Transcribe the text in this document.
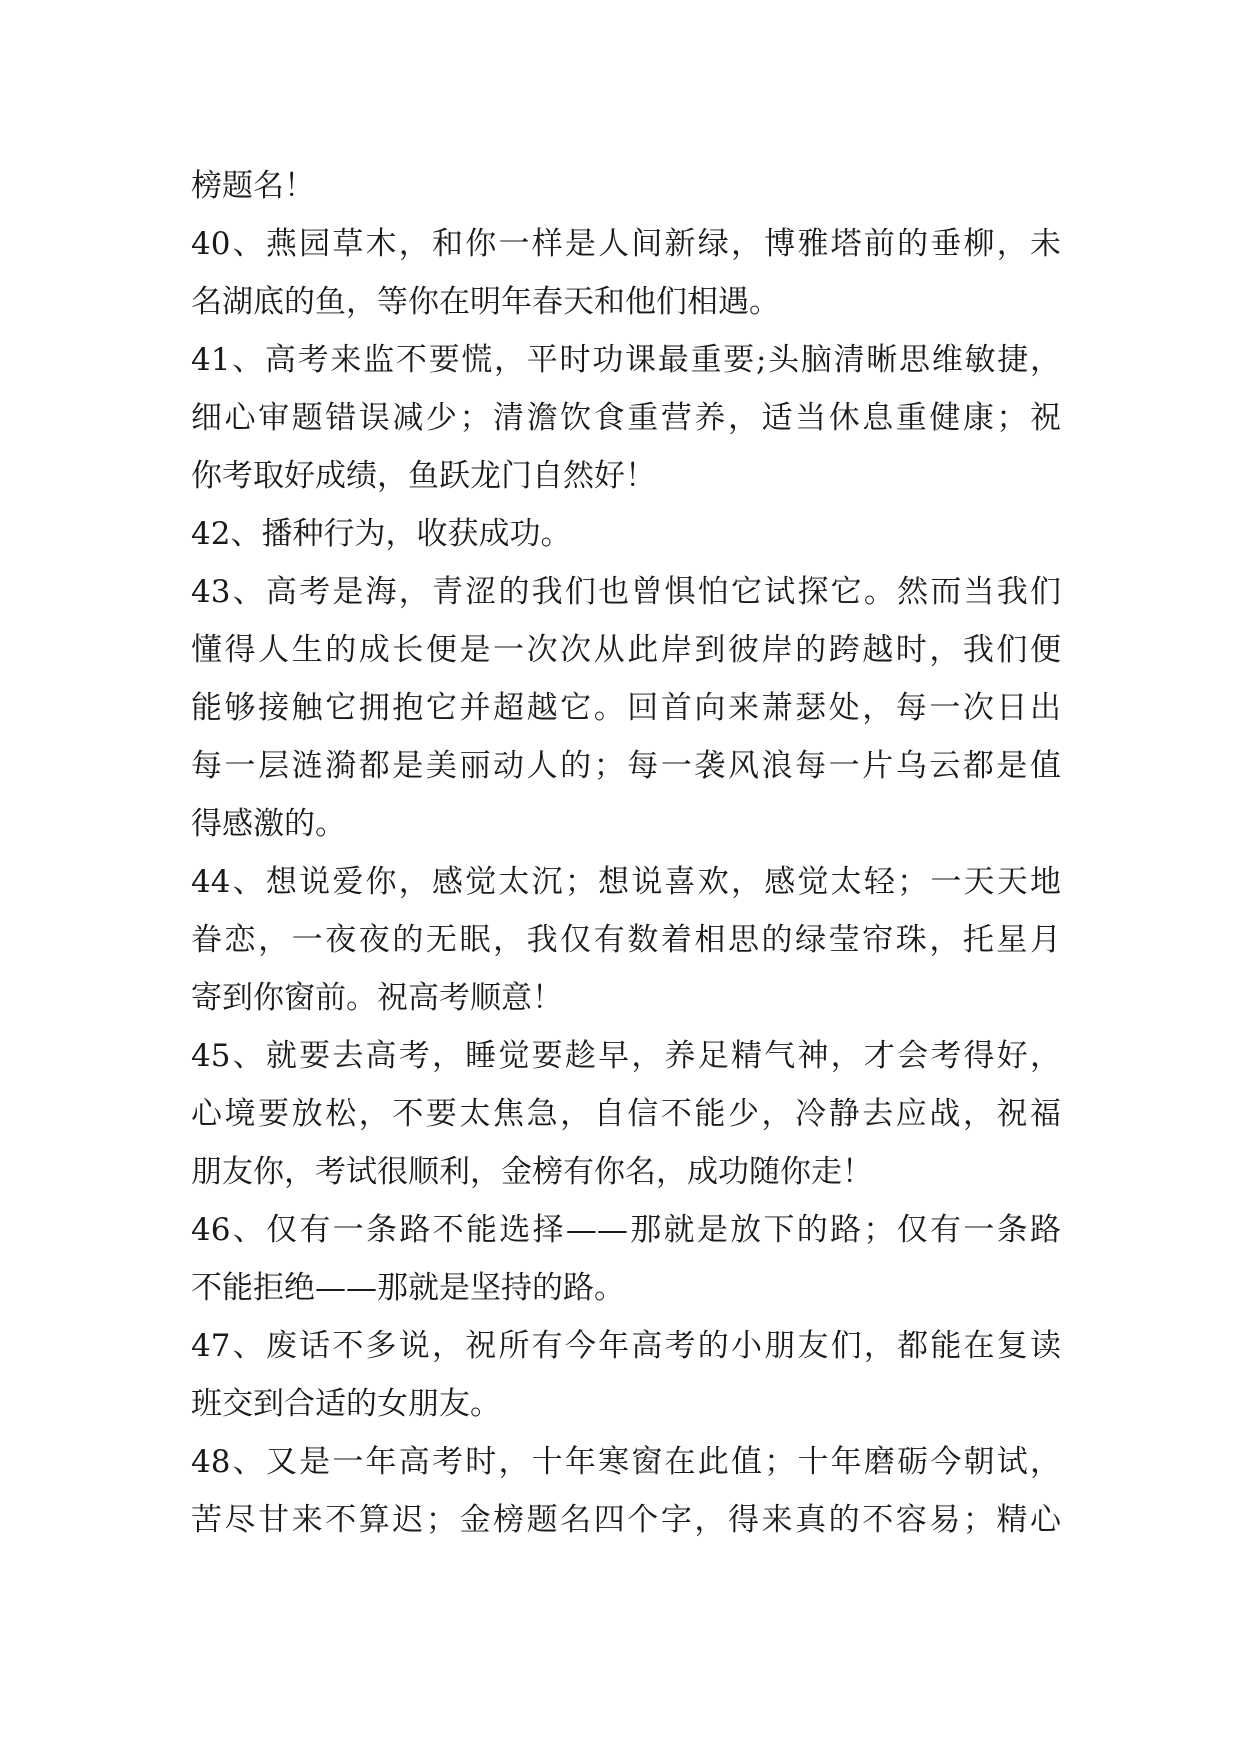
榜题名！
40、燕园草木，和你一样是人间新绿，博雅塔前的垂柳，未
名湖底的鱼，等你在明年春天和他们相遇。
41、高考来监不要慌，平时功课最重要;头脑清晰思维敏捷，
细心审题错误减少；清澹饮食重营养，适当休息重健康；祝
你考取好成绩，鱼跃龙门自然好！
42、播种行为，收获成功。
43、高考是海，青涩的我们也曾惧怕它试探它。然而当我们
懂得人生的成长便是一次次从此岸到彼岸的跨越时，我们便
能够接触它拥抱它并超越它。回首向来萧瑟处，每一次日出
每一层涟漪都是美丽动人的；每一袭风浪每一片乌云都是值
得感激的。
44、想说爱你，感觉太沉；想说喜欢，感觉太轻；一天天地
眷恋，一夜夜的无眠，我仅有数着相思的绿莹帘珠，托星月
寄到你窗前。祝高考顺意！
45、就要去高考，睡觉要趁早，养足精气神，才会考得好，
心境要放松，不要太焦急，自信不能少，冷静去应战，祝福
朋友你，考试很顺利，金榜有你名，成功随你走！
46、仅有一条路不能选择——那就是放下的路；仅有一条路
不能拒绝——那就是坚持的路。
47、废话不多说，祝所有今年高考的小朋友们，都能在复读
班交到合适的女朋友。
48、又是一年高考时，十年寒窗在此值；十年磨砺今朝试，
苦尽甘来不算迟；金榜题名四个字，得来真的不容易；精心
